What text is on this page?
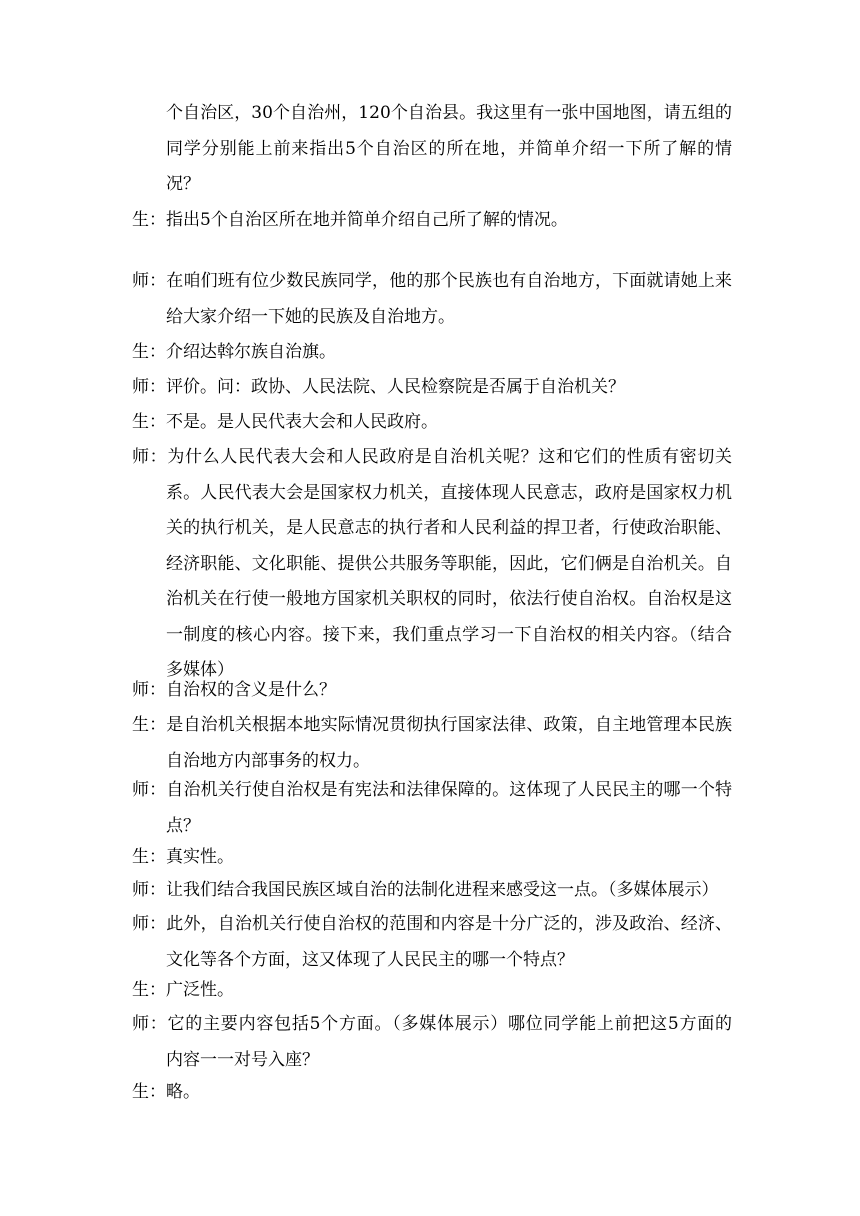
个自治区，30个自治州，120个自治县。我这里有一张中国地图，请五组的
同学分别能上前来指出5个自治区的所在地，并简单介绍一下所了解的情
况？
生：指出5个自治区所在地并简单介绍自己所了解的情况。
师：在咱们班有位少数民族同学，他的那个民族也有自治地方，下面就请她上来
给大家介绍一下她的民族及自治地方。
生：介绍达斡尔族自治旗。
师：评价。问：政协、人民法院、人民检察院是否属于自治机关？
生：不是。是人民代表大会和人民政府。
师：为什么人民代表大会和人民政府是自治机关呢？这和它们的性质有密切关
系。人民代表大会是国家权力机关，直接体现人民意志，政府是国家权力机
关的执行机关，是人民意志的执行者和人民利益的捍卫者，行使政治职能、
经济职能、文化职能、提供公共服务等职能，因此，它们俩是自治机关。自
治机关在行使一般地方国家机关职权的同时，依法行使自治权。自治权是这
一制度的核心内容。接下来，我们重点学习一下自治权的相关内容。（结合
多媒体）
师：自治权的含义是什么？
生：是自治机关根据本地实际情况贯彻执行国家法律、政策，自主地管理本民族
自治地方内部事务的权力。
师：自治机关行使自治权是有宪法和法律保障的。这体现了人民民主的哪一个特
点？
生：真实性。
师：让我们结合我国民族区域自治的法制化进程来感受这一点。（多媒体展示）
师：此外，自治机关行使自治权的范围和内容是十分广泛的，涉及政治、经济、
文化等各个方面，这又体现了人民民主的哪一个特点？
生：广泛性。
师：它的主要内容包括5个方面。（多媒体展示）哪位同学能上前把这5方面的
内容一一对号入座？
生：略。
